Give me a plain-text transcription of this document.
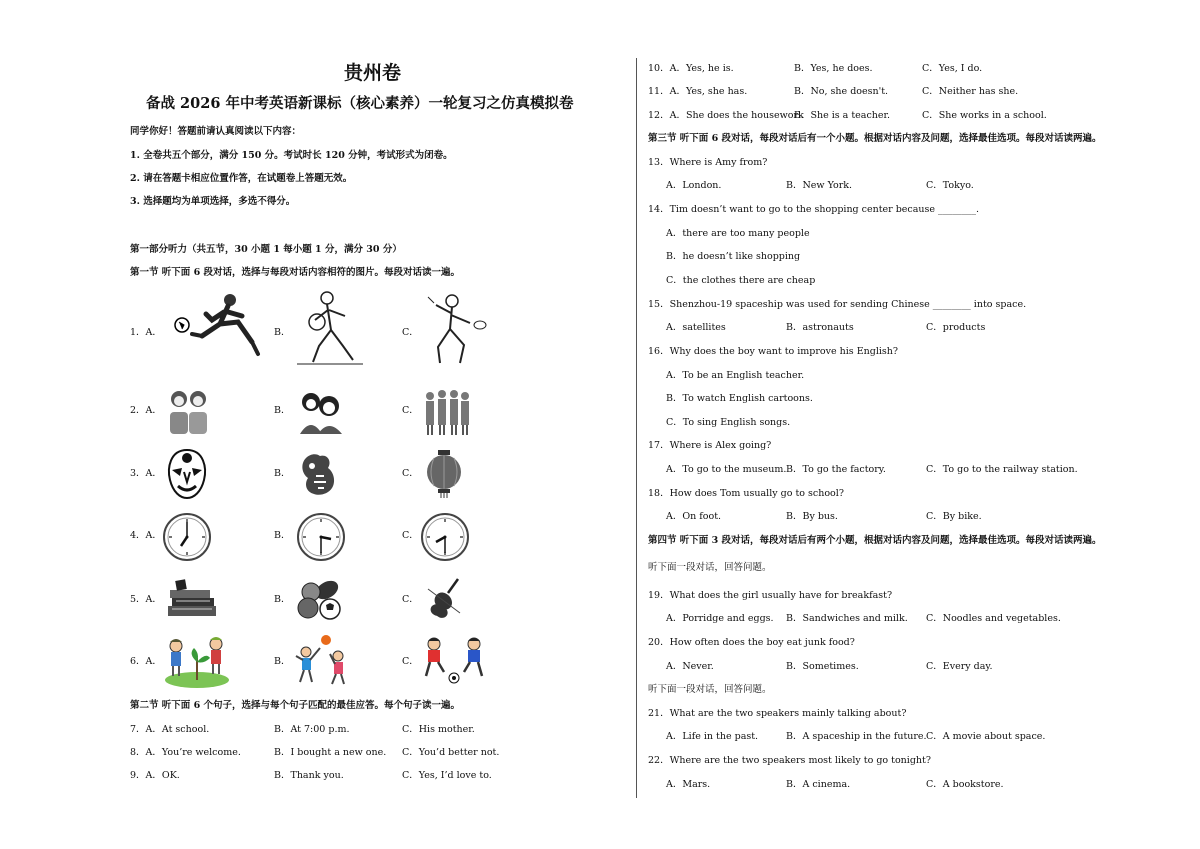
贵州卷
备战 2026 年中考英语新课标（核心素养）一轮复习之仿真模拟卷
同学你好！答题前请认真阅读以下内容：
1. 全卷共五个部分，满分 150 分。考试时长 120 分钟，考试形式为闭卷。
2. 请在答题卡相应位置作答，在试题卷上答题无效。
3. 选择题均为单项选择，多选不得分。
第一部分听力（共五节，30 小题 1 每小题 1 分，满分 30 分）
第一节 听下面 6 段对话，选择与每段对话内容相符的图片。每段对话读一遍。
1．A．	B．	C．
2．A．	B．	C．
3．A．	B．	C．
4．A．	B．	C．
5．A．	B．	C．
6．A．	B．	C．
第二节 听下面 6 个句子，选择与每个句子匹配的最佳应答。每个句子读一遍。
7．A．At school.	B．At 7:00 p.m.	C．His mother.
8．A．You’re welcome.	B．I bought a new one. C．You’d better not.
9．A．OK.	B．Thank you.	C．Yes, I’d love to.
10．A．Yes, he is.	B．Yes, he does.	C．Yes, I do.
11．A．Yes, she has.	B．No, she doesn't.	C．Neither has she.
12．A．She does the housework
B．She is a teacher.	C．She works in a school.
第三节 听下面 6 段对话，每段对话后有一个小题。根据对话内容及问题，选择最佳选项。每段对话读两遍。
13．Where is Amy from?
A．London.	B．New York.	C．Tokyo.
14．Tim doesn’t want to go to the shopping center because ________.
A．there are too many people
B．he doesn’t like shopping
C．the clothes there are cheap
15．Shenzhou-19 spaceship was used for sending Chinese ________ into space.
A．satellites	B．astronauts	C．products
16．Why does the boy want to improve his English?
A．To be an English teacher.
B．To watch English cartoons.
C．To sing English songs.
17．Where is Alex going?
A．To go to the museum. B．To go the factory.	C．To go to the railway station.
18．How does Tom usually go to school?
A．On foot.	B．By bus.	C．By bike.
第四节 听下面 3 段对话，每段对话后有两个小题，根据对话内容及问题，选择最佳选项。每段对话读两遍。
听下面一段对话，回答问题。
19．What does the girl usually have for breakfast?
A．Porridge and eggs. B．Sandwiches and milk. C．Noodles and vegetables.
20．How often does the boy eat junk food?
A．Never.	B．Sometimes.	C．Every day.
听下面一段对话，回答问题。
21．What are the two speakers mainly talking about?
A．Life in the past.	B．A spaceship in the future. C．A movie about space.
22．Where are the two speakers most likely to go tonight?
A．Mars.	B．A cinema.	C．A bookstore.
